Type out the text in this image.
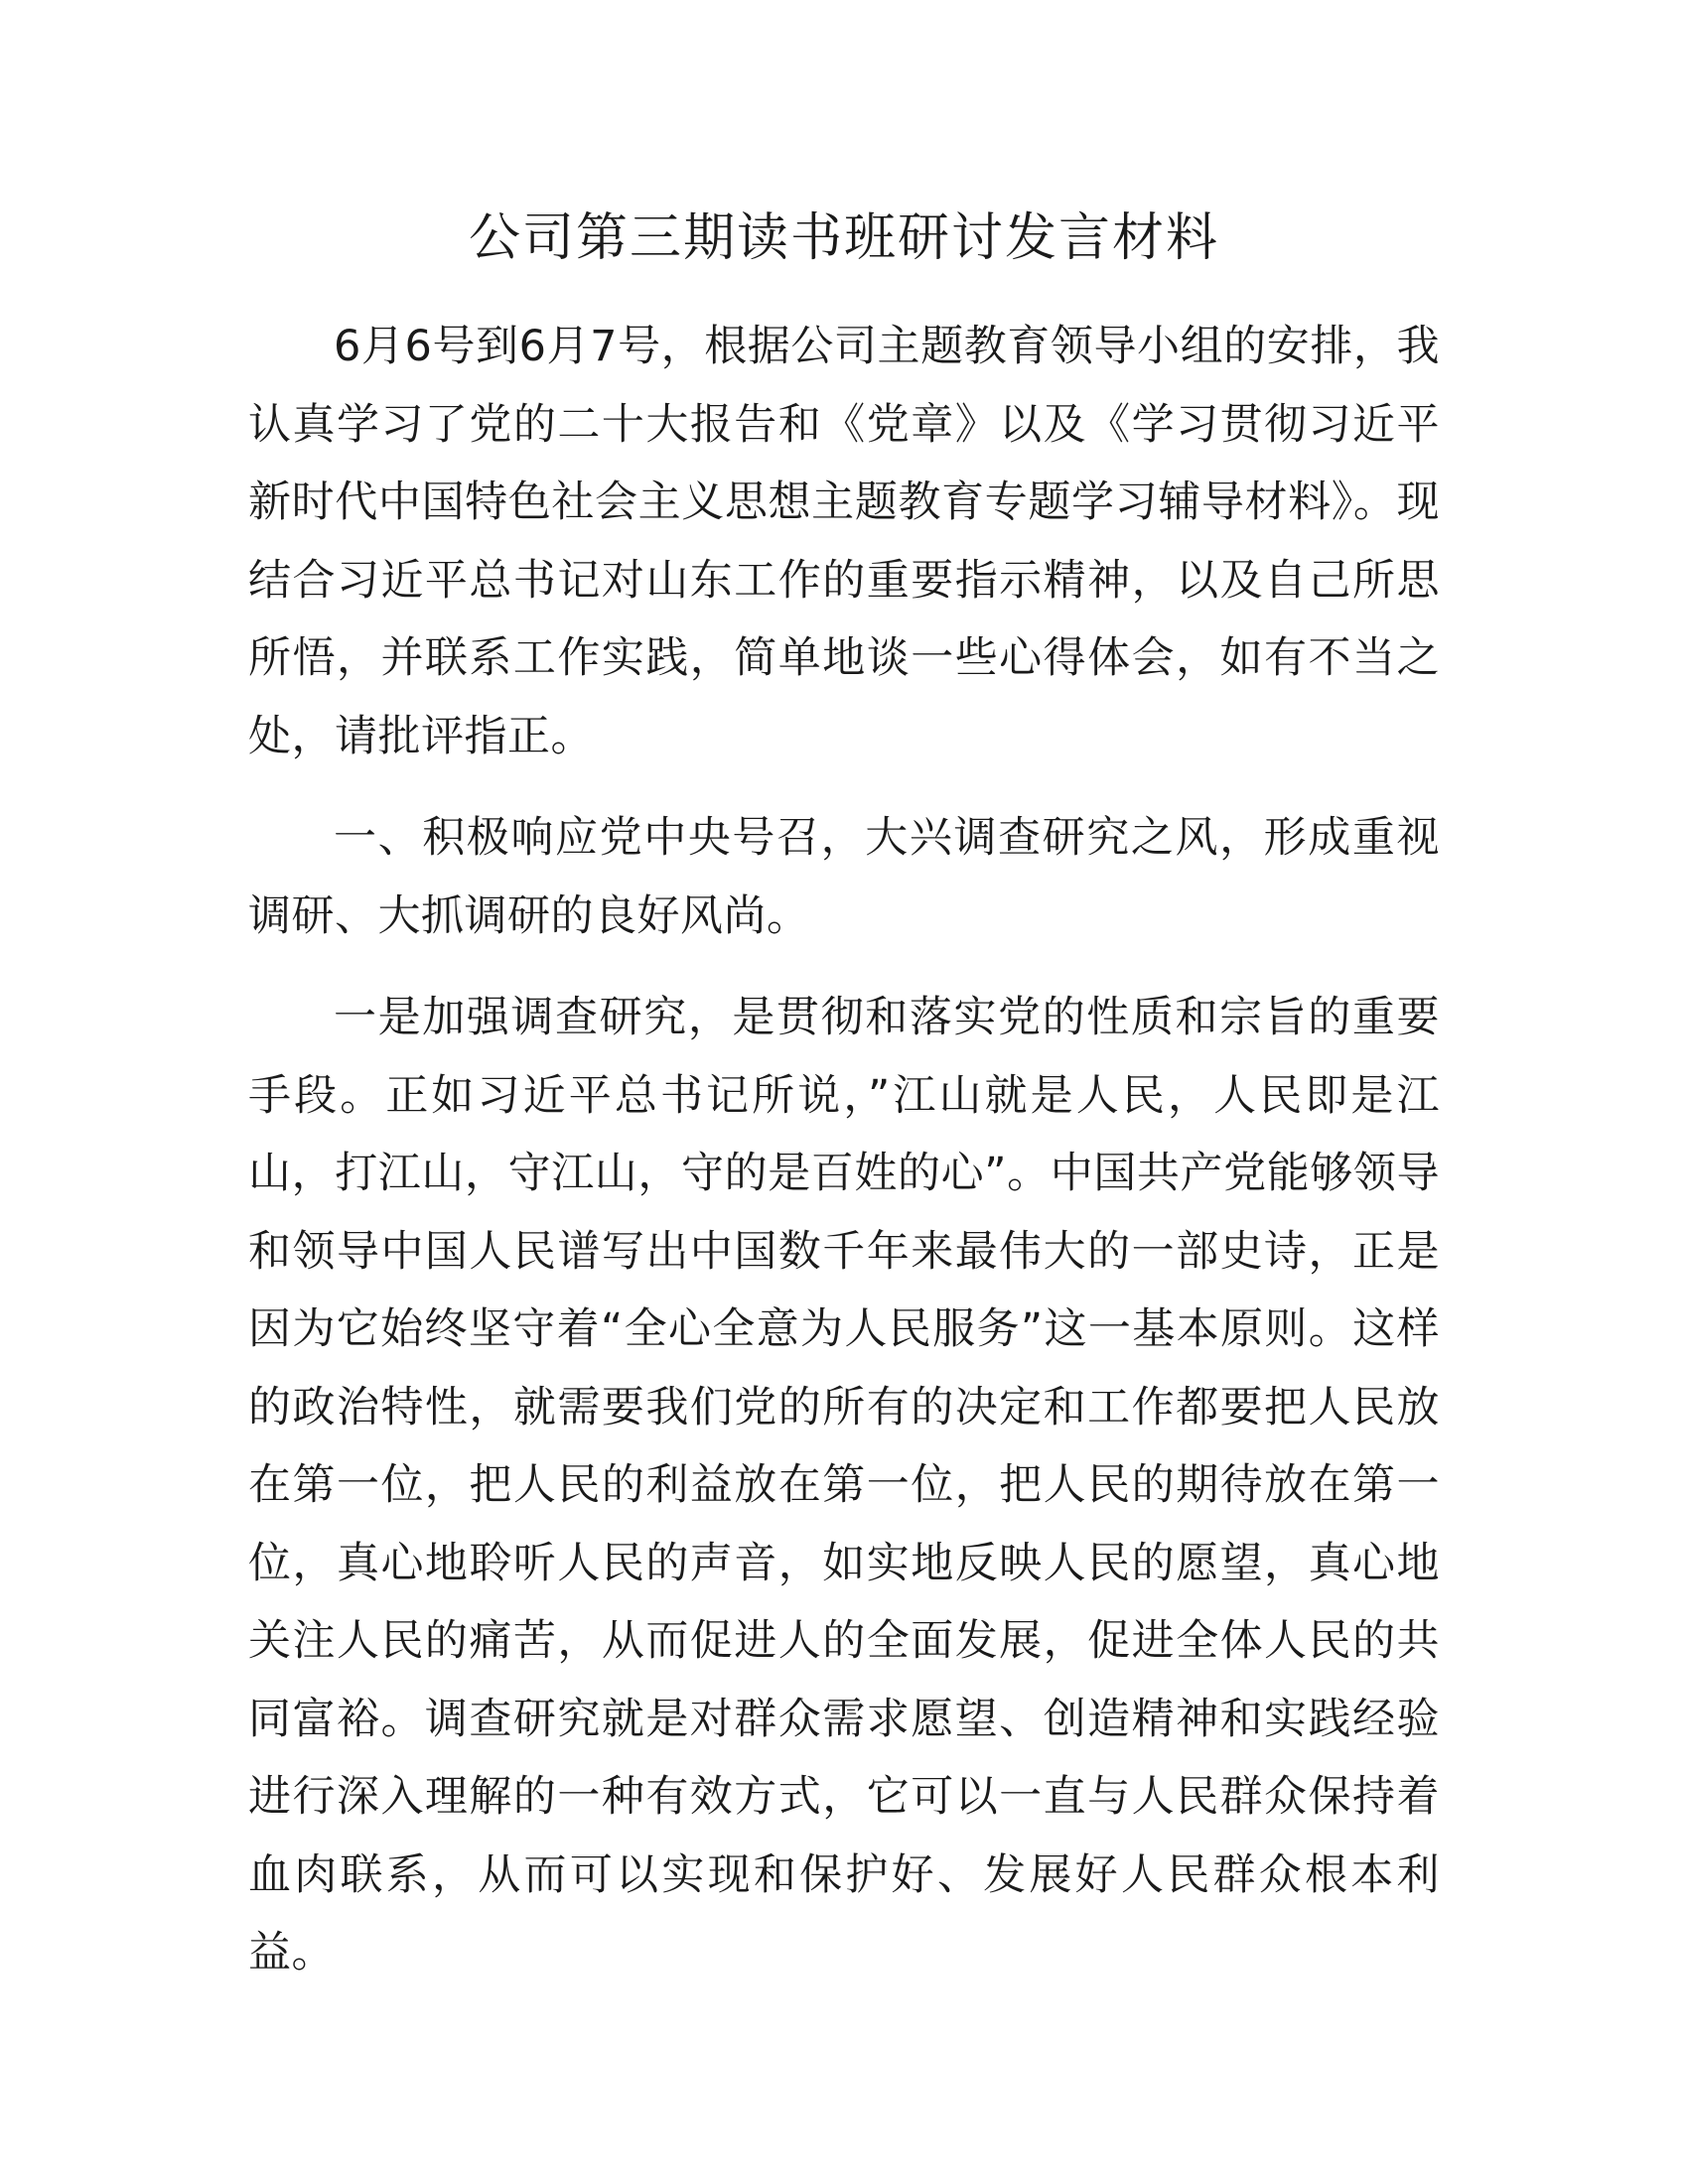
公司第三期读书班研讨发言材料

6月6号到6月7号，根据公司主题教育领导小组的安排，我认真学习了党的二十大报告和《党章》以及《学习贯彻习近平新时代中国特色社会主义思想主题教育专题学习辅导材料》。现结合习近平总书记对山东工作的重要指示精神，以及自己所思所悟，并联系工作实践，简单地谈一些心得体会，如有不当之处，请批评指正。

一、积极响应党中央号召，大兴调查研究之风，形成重视调研、大抓调研的良好风尚。

一是加强调查研究，是贯彻和落实党的性质和宗旨的重要手段。正如习近平总书记所说，”江山就是人民，人民即是江山，打江山，守江山，守的是百姓的心”。中国共产党能够领导和领导中国人民谱写出中国数千年来最伟大的一部史诗，正是因为它始终坚守着“全心全意为人民服务”这一基本原则。这样的政治特性，就需要我们党的所有的决定和工作都要把人民放在第一位，把人民的利益放在第一位，把人民的期待放在第一位，真心地聆听人民的声音，如实地反映人民的愿望，真心地关注人民的痛苦，从而促进人的全面发展，促进全体人民的共同富裕。调查研究就是对群众需求愿望、创造精神和实践经验进行深入理解的一种有效方式，它可以一直与人民群众保持着血肉联系，从而可以实现和保护好、发展好人民群众根本利益。
